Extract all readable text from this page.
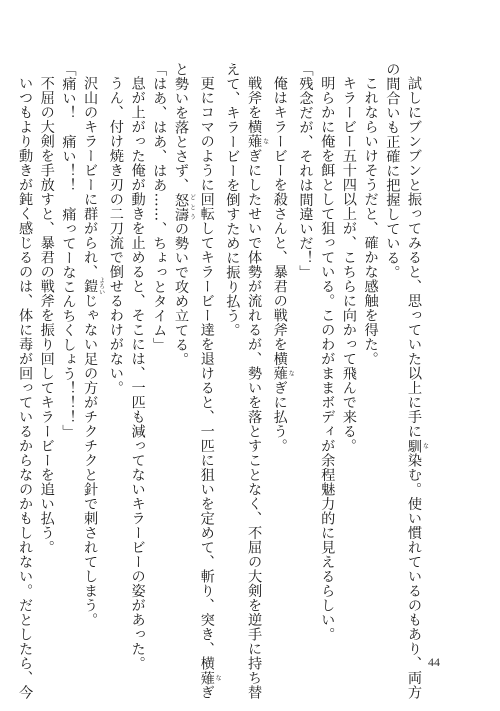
試しにブンブンと振ってみると、思っていた以上に手に馴 な染む。使い慣れているのもあり、両方
の間合いも正確に把握している。
これならいけそうだと、確かな感触を得た。
キラービー五十四以上が、こちらに向かって飛んで来る。
明らかに俺を餌として狙っている。このわがままボディが余程魅力的に見えるらしい。
「残念だが、それは間違いだ！」
俺はキラービーを殺さんと、暴君の戦斧を横薙 なぎに払う。
戦斧を横薙 なぎにしたせいで体勢が流れるが、勢いを落とすことなく、不屈の大剣を逆手に持ち替
えて、キラービーを倒すために振り払う。
更にコマのように回転してキラービー達を退けると、一匹に狙いを定めて、斬り、突き、横薙 なぎ
と勢いを落とさず、怒濤 どとうの勢いで攻め立てる。
「はあ、はあ、はあ……、ちょっとタイム」
息が上がった俺が動きを止めると、そこには、一匹も減ってないキラービーの姿があった。
うん、付け焼き刃の二刀流で倒せるわけがない。
沢山のキラービーに群がられ、鎧 よろいじゃない足の方がチクチクと針で刺されてしまう。
「痛い！　痛い！！　痛ってーなこんちくしょう！！！」
不屈の大剣を手放すと、暴君の戦斧を振り回してキラービーを追い払う。
いつもより動きが鈍く感じるのは、体に毒が回っているからなのかもしれない。だとしたら、今	44
